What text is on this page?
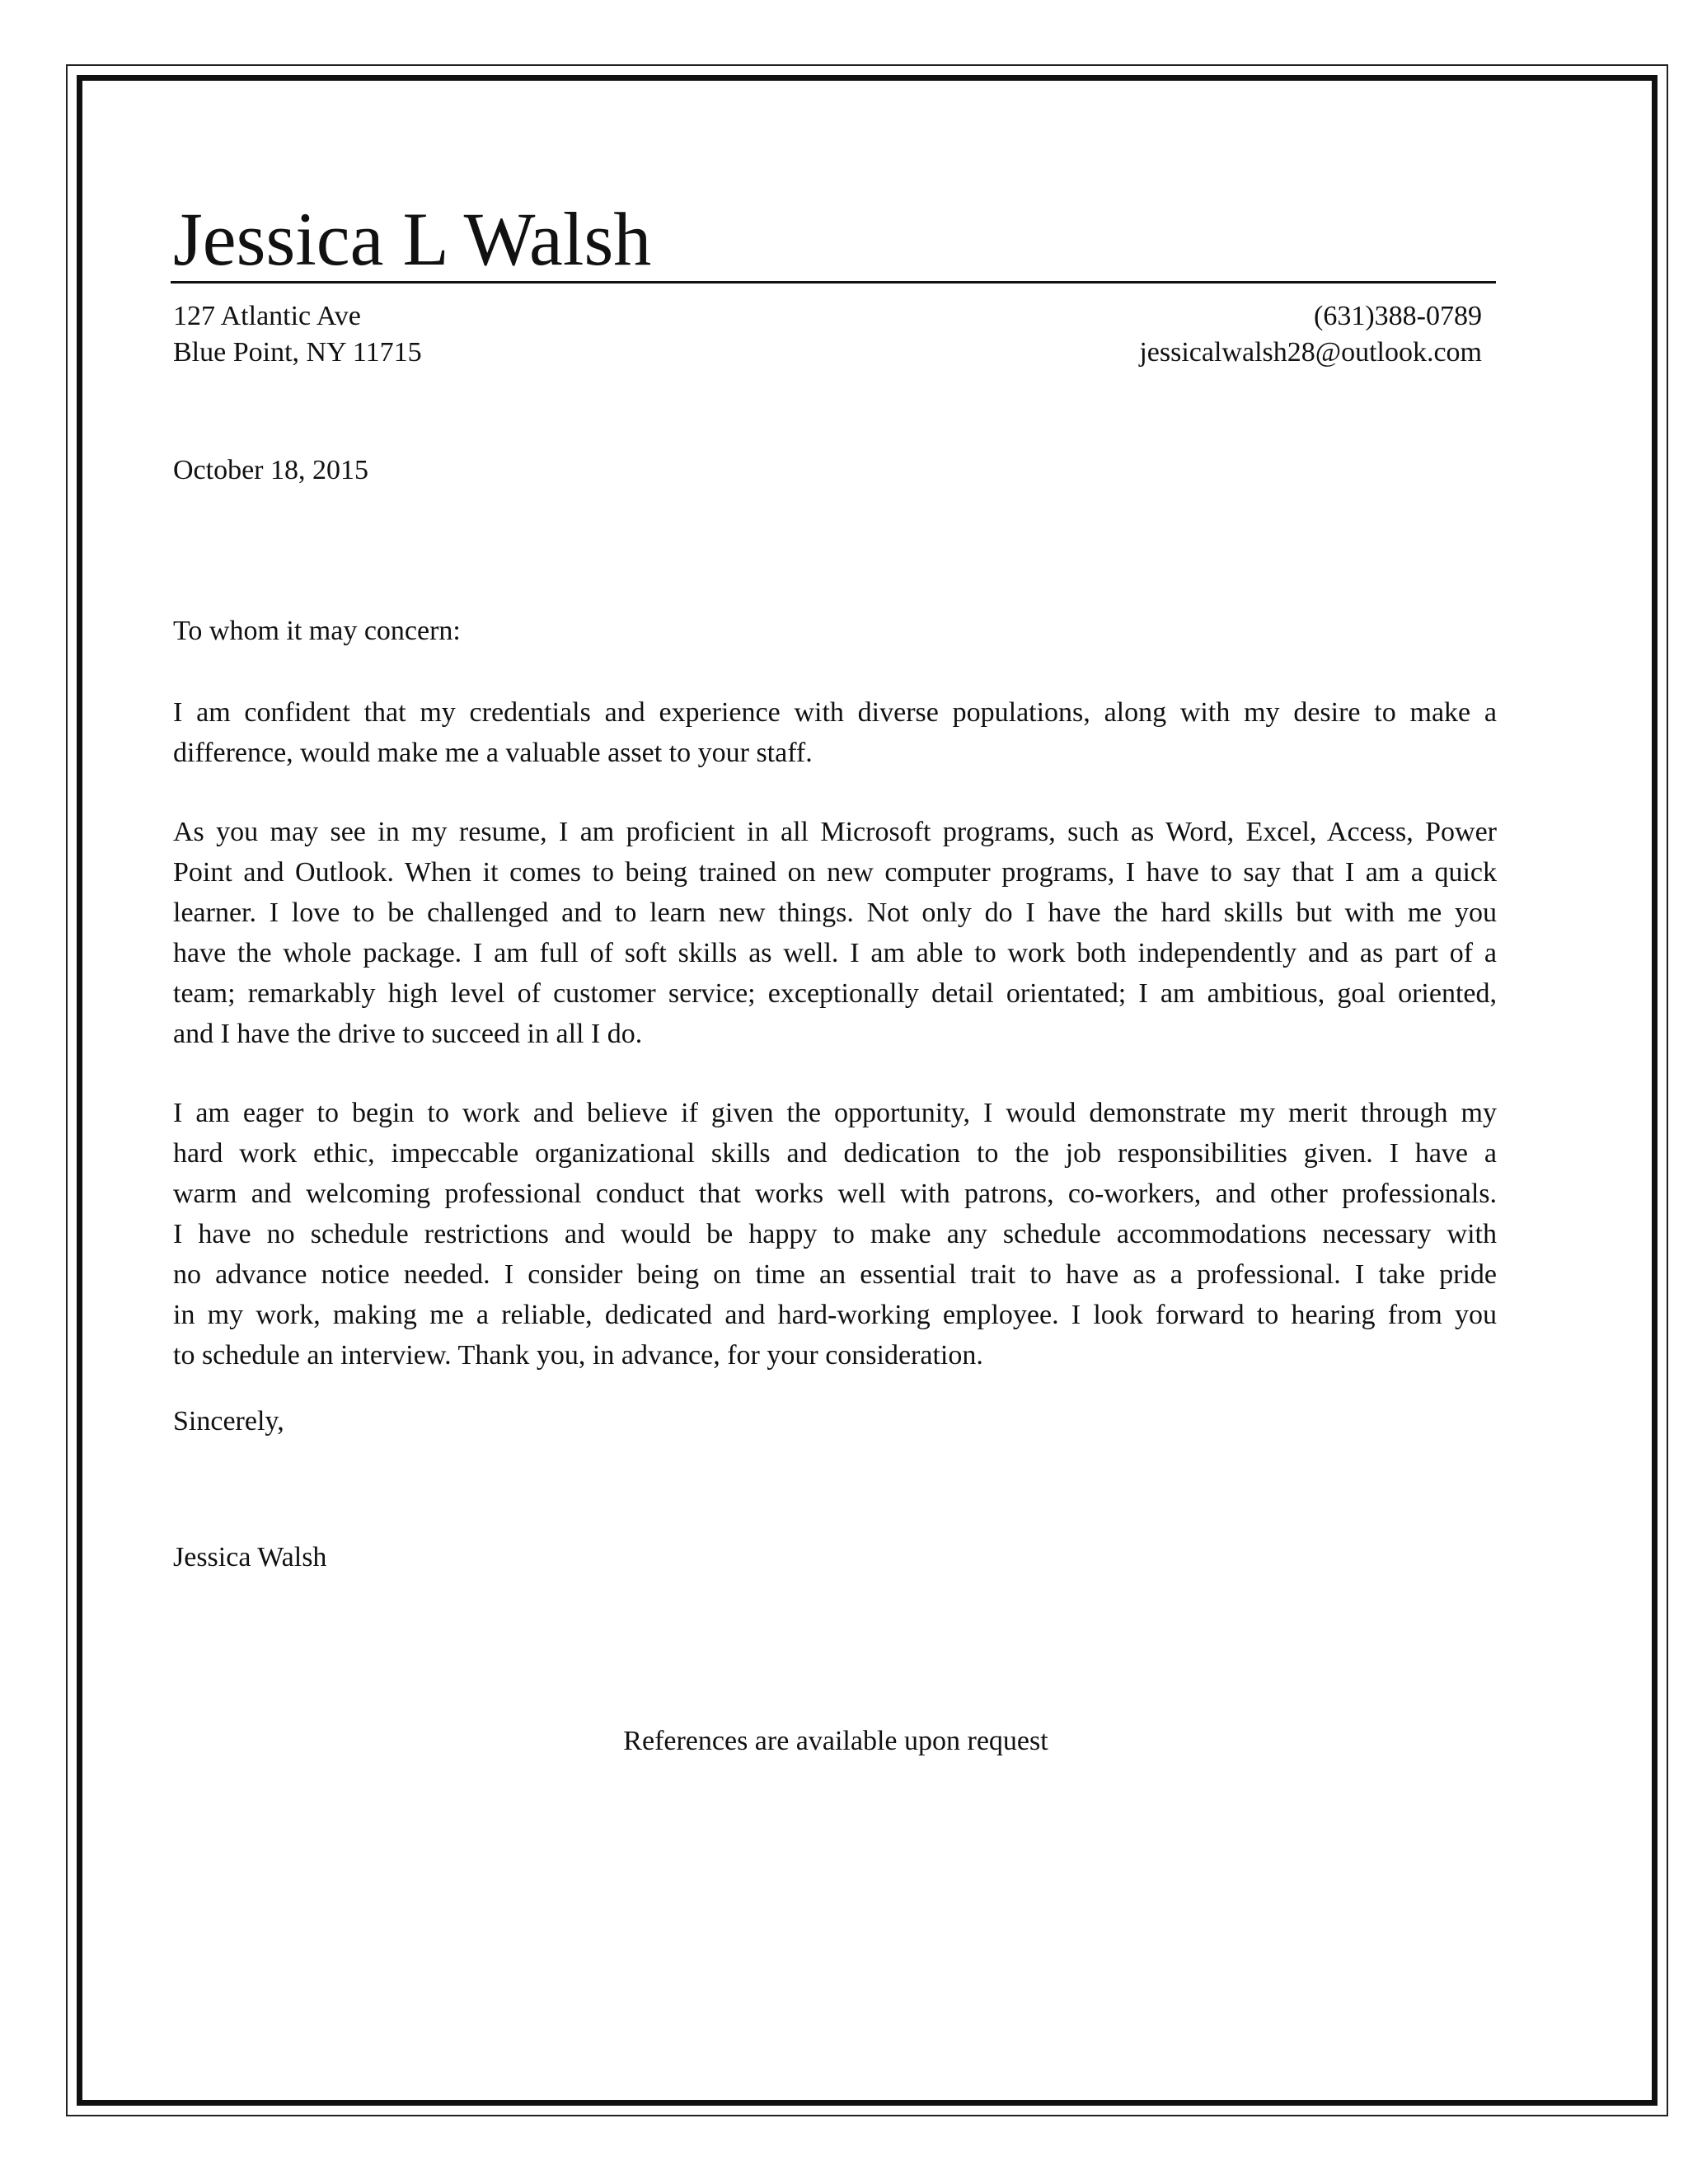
Jessica L Walsh
127 Atlantic Ave
Blue Point, NY 11715
(631)388-0789
jessicalwalsh28@outlook.com
October 18, 2015
To whom it may concern:

I am confident that my credentials and experience with diverse populations, along with my desire to make a
difference, would make me a valuable asset to your staff.

As you may see in my resume, I am proficient in all Microsoft programs, such as Word, Excel, Access, Power
Point and Outlook. When it comes to being trained on new computer programs, I have to say that I am a quick
learner. I love to be challenged and to learn new things. Not only do I have the hard skills but with me you
have the whole package. I am full of soft skills as well. I am able to work both independently and as part of a
team; remarkably high level of customer service; exceptionally detail orientated; I am ambitious, goal oriented,
and I have the drive to succeed in all I do.

I am eager to begin to work and believe if given the opportunity, I would demonstrate my merit through my
hard work ethic, impeccable organizational skills and dedication to the job responsibilities given. I have a
warm and welcoming professional conduct that works well with patrons, co-workers, and other professionals.
I have no schedule restrictions and would be happy to make any schedule accommodations necessary with
no advance notice needed. I consider being on time an essential trait to have as a professional. I take pride
in my work, making me a reliable, dedicated and hard-working employee. I look forward to hearing from you
to schedule an interview. Thank you, in advance, for your consideration.

Sincerely,
Jessica Walsh
References are available upon request
